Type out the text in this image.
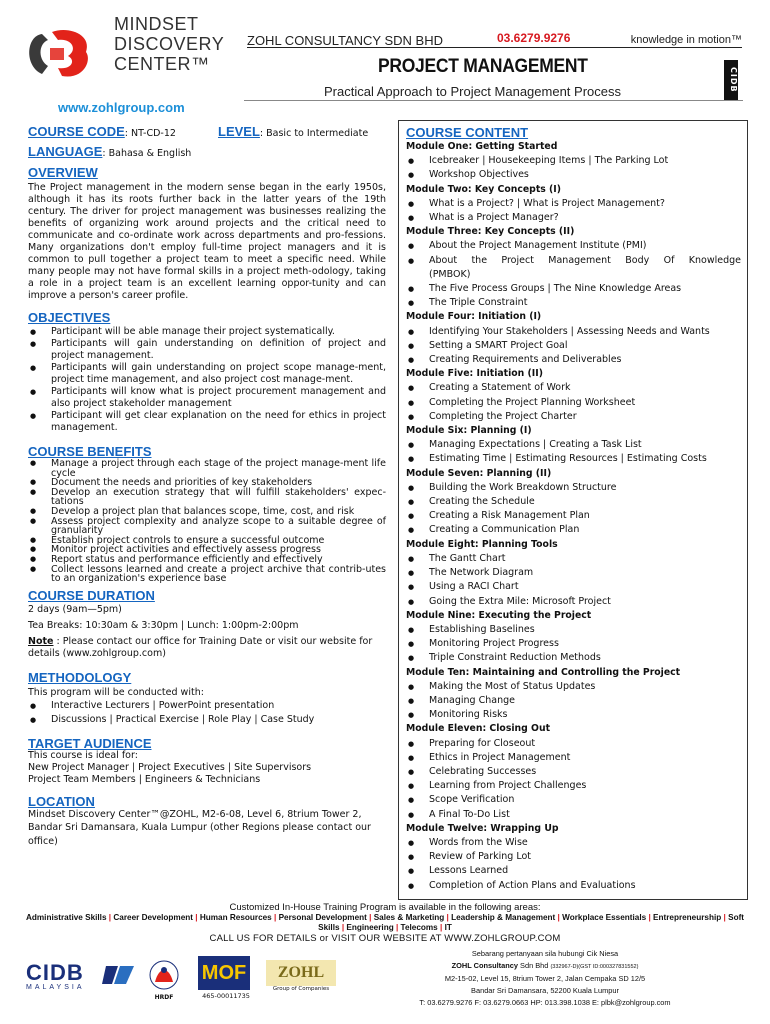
MINDSET
DISCOVERY
CENTER™
www.zohlgroup.com
ZOHL CONSULTANCY SDN BHD	03.6279.9276	knowledge in motion™
PROJECT MANAGEMENT
Practical Approach to Project Management Process	CIDB
COURSE CODE: NT-CD-12	LEVEL: Basic to Intermediate
LANGUAGE: Bahasa & English
OVERVIEW

The Project management in the modern sense began in the early 1950s, although it has its roots further back in the latter years of the 19th century. The driver for project management was businesses realizing the benefits of organizing work around projects and the critical need to communicate and co-ordinate work across departments and pro-fessions. Many organizations don't employ full-time project managers and it is common to pull together a project team to meet a specific need. While many people may not have formal skills in a project meth-odology, taking a role in a project team is an excellent learning oppor-tunity and can improve a person's career profile.

OBJECTIVES
● Participant will be able manage their project systematically.
● Participants will gain understanding on definition of project and project management.
● Participants will gain understanding on project scope manage-ment, project time management, and also project cost manage-ment.
● Participants will know what is project procurement management and also project stakeholder management
● Participant will get clear explanation on the need for ethics in project management.
COURSE BENEFITS
● Manage a project through each stage of the project manage-ment life cycle
● Document the needs and priorities of key stakeholders
● Develop an execution strategy that will fulfill stakeholders' expec-tations
● Develop a project plan that balances scope, time, cost, and risk
● Assess project complexity and analyze scope to a suitable degree of granularity
● Establish project controls to ensure a successful outcome
● Monitor project activities and effectively assess progress
● Report status and performance efficiently and effectively
● Collect lessons learned and create a project archive that contrib-utes to an organization's experience base
COURSE DURATION
2 days (9am—5pm)
Tea Breaks: 10:30am & 3:30pm | Lunch: 1:00pm-2:00pm
Note : Please contact our office for Training Date or visit our website for details (www.zohlgroup.com)
METHODOLOGY
This program will be conducted with:
● Interactive Lecturers | PowerPoint presentation
● Discussions | Practical Exercise | Role Play | Case Study
TARGET AUDIENCE
This course is ideal for:
New Project Manager | Project Executives | Site Supervisors
Project Team Members | Engineers & Technicians
LOCATION
Mindset Discovery Center™@ZOHL, M2-6-08, Level 6, 8trium Tower 2, Bandar Sri Damansara, Kuala Lumpur (other Regions please contact our office)
COURSE CONTENT
Module One: Getting Started
● Icebreaker | Housekeeping Items | The Parking Lot
● Workshop Objectives
Module Two: Key Concepts (I)
● What is a Project? | What is Project Management?
● What is a Project Manager?
Module Three: Key Concepts (II)
● About the Project Management Institute (PMI)
● About the Project Management Body Of Knowledge (PMBOK)
● The Five Process Groups | The Nine Knowledge Areas
● The Triple Constraint
Module Four: Initiation (I)
● Identifying Your Stakeholders | Assessing Needs and Wants
● Setting a SMART Project Goal
● Creating Requirements and Deliverables
Module Five: Initiation (II)
● Creating a Statement of Work
● Completing the Project Planning Worksheet
● Completing the Project Charter
Module Six: Planning (I)
● Managing Expectations | Creating a Task List
● Estimating Time | Estimating Resources | Estimating Costs
Module Seven: Planning (II)
● Building the Work Breakdown Structure
● Creating the Schedule
● Creating a Risk Management Plan
● Creating a Communication Plan
Module Eight: Planning Tools
● The Gantt Chart
● The Network Diagram
● Using a RACI Chart
● Going the Extra Mile: Microsoft Project
Module Nine: Executing the Project
● Establishing Baselines
● Monitoring Project Progress
● Triple Constraint Reduction Methods
Module Ten: Maintaining and Controlling the Project
● Making the Most of Status Updates
● Managing Change
● Monitoring Risks
Module Eleven: Closing Out
● Preparing for Closeout
● Ethics in Project Management
● Celebrating Successes
● Learning from Project Challenges
● Scope Verification
● A Final To-Do List
Module Twelve: Wrapping Up
● Words from the Wise
● Review of Parking Lot
● Lessons Learned
● Completion of Action Plans and Evaluations
Customized In-House Training Program is available in the following areas:
Administrative Skills | Career Development | Human Resources | Personal Development | Sales & Marketing | Leadership & Management | Workplace Essentials | Entrepreneurship | Soft Skills | Engineering | Telecoms | IT
CALL US FOR DETAILS or VISIT OUR WEBSITE AT WWW.ZOHLGROUP.COM
CIDB
MALAYSIA
HRDF
MOF
465-00011735
ZOHL
Group of Companies
Sebarang pertanyaan sila hubungi Cik Niesa
ZOHL Consultancy Sdn Bhd (332967-D)(GST ID:000327831552)
M2-15-02, Level 15, 8trium Tower 2, Jalan Cempaka SD 12/5
Bandar Sri Damansara, 52200 Kuala Lumpur
T: 03.6279.9276 F: 03.6279.0663 HP: 013.398.1038 E: plbk@zohlgroup.com
